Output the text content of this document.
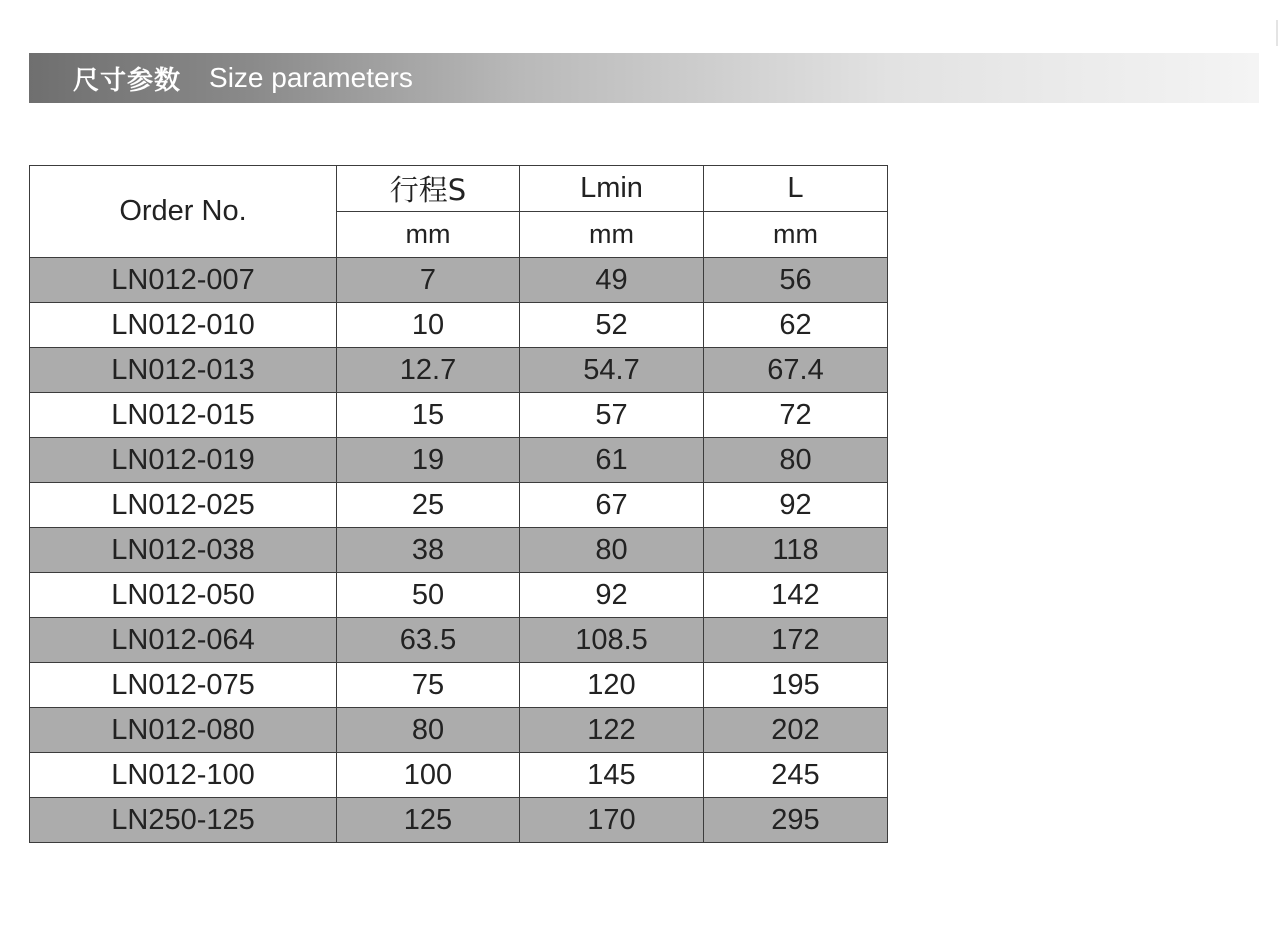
尺寸参数 Size parameters
Order No.	行程S	Lmin	L
	mm	mm	mm
LN012-007	7	49	56
LN012-010	10	52	62
LN012-013	12.7	54.7	67.4
LN012-015	15	57	72
LN012-019	19	61	80
LN012-025	25	67	92
LN012-038	38	80	118
LN012-050	50	92	142
LN012-064	63.5	108.5	172
LN012-075	75	120	195
LN012-080	80	122	202
LN012-100	100	145	245
LN250-125	125	170	295
